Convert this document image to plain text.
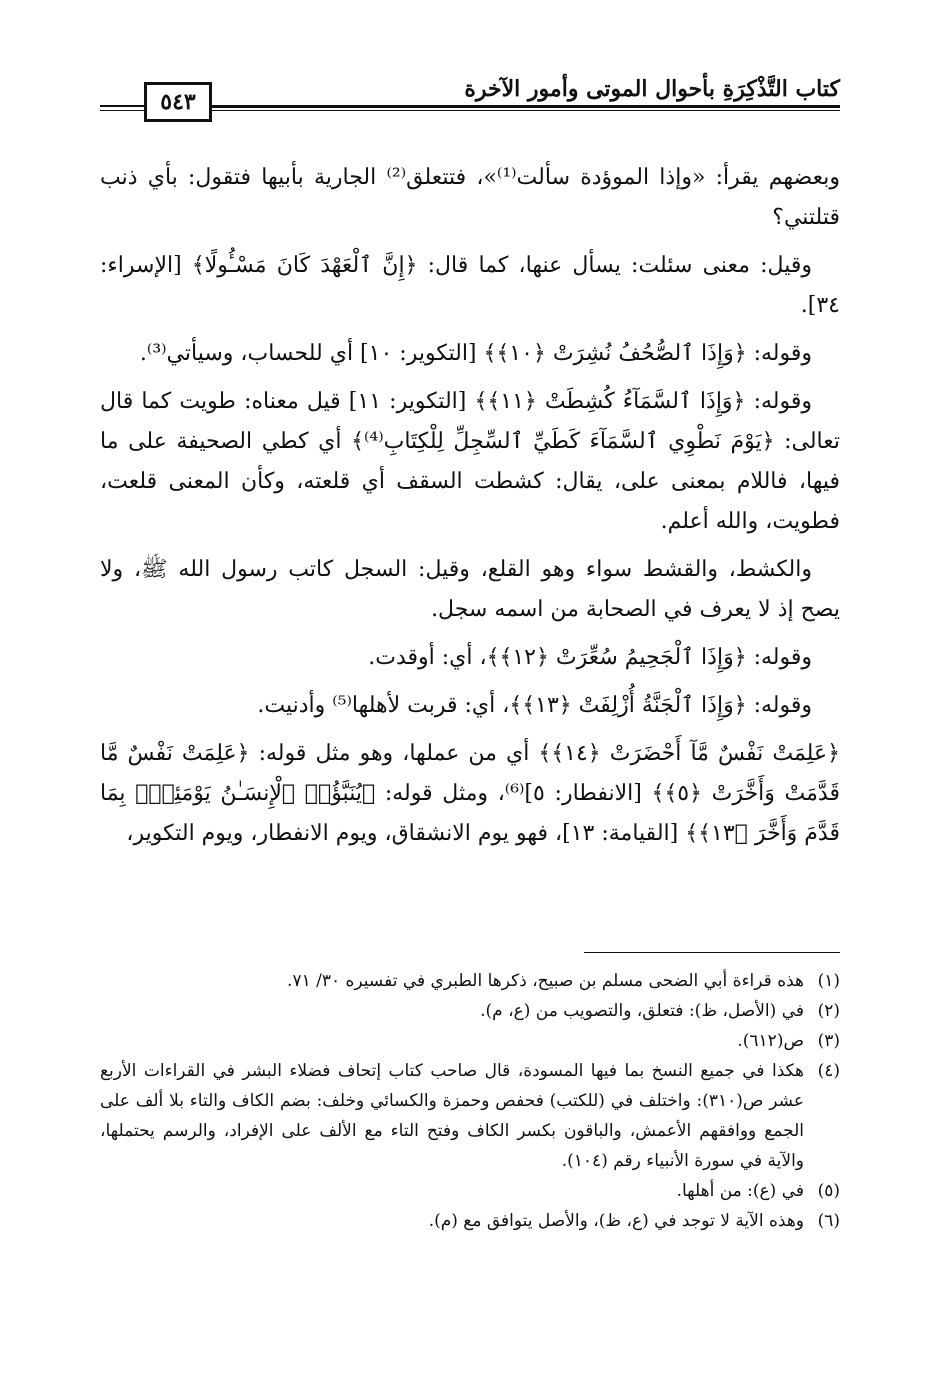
كتاب التَّذْكِرَةِ بأحوال الموتى وأمور الآخرة
٥٤٣

وبعضهم يقرأ: «وإذا الموؤدة سألت⁽¹⁾»، فتتعلق⁽²⁾ الجارية بأبيها فتقول: بأي ذنب قتلتني؟

وقيل: معنى سئلت: يسأل عنها، كما قال: ﴿إِنَّ ٱلْعَهْدَ كَانَ مَسْـُٔولًا﴾ [الإسراء: ٣٤].

وقوله: ﴿وَإِذَا ٱلصُّحُفُ نُشِرَتْ ﴿١٠﴾﴾ [التكوير: ١٠] أي للحساب، وسيأتي⁽³⁾.

وقوله: ﴿وَإِذَا ٱلسَّمَآءُ كُشِطَتْ ﴿١١﴾﴾ [التكوير: ١١] قيل معناه: طويت كما قال تعالى: ﴿يَوْمَ نَطْوِي ٱلسَّمَآءَ كَطَيِّ ٱلسِّجِلِّ لِلْكِتَابِ⁽⁴⁾﴾ أي كطي الصحيفة على ما فيها، فاللام بمعنى على، يقال: كشطت السقف أي قلعته، وكأن المعنى قلعت، فطويت، والله أعلم.

والكشط، والقشط سواء وهو القلع، وقيل: السجل كاتب رسول الله ﷺ، ولا يصح إذ لا يعرف في الصحابة من اسمه سجل.

وقوله: ﴿وَإِذَا ٱلْجَحِيمُ سُعِّرَتْ ﴿١٢﴾﴾، أي: أوقدت.

وقوله: ﴿وَإِذَا ٱلْجَنَّةُ أُزْلِفَتْ ﴿١٣﴾﴾، أي: قربت لأهلها⁽⁵⁾ وأدنيت.

﴿عَلِمَتْ نَفْسٌ مَّآ أَحْضَرَتْ ﴿١٤﴾﴾ أي من عملها، وهو مثل قوله: ﴿عَلِمَتْ نَفْسٌ مَّا قَدَّمَتْ وَأَخَّرَتْ ﴿٥﴾﴾ [الانفطار: ٥]⁽⁶⁾، ومثل قوله: ﴿يُنَبَّؤُا۟ ٱلْإِنسَـٰنُ يَوْمَئِذٍۭ بِمَا قَدَّمَ وَأَخَّرَ ﴿١٣﴾﴾ [القيامة: ١٣]، فهو يوم الانشقاق، ويوم الانفطار، ويوم التكوير،

(١)
هذه قراءة أبي الضحى مسلم بن صبيح، ذكرها الطبري في تفسيره ٣٠/ ٧١.
(٢)
في (الأصل، ظ): فتعلق، والتصويب من (ع، م).
(٣)
ص(٦١٢).
(٤)
هكذا في جميع النسخ بما فيها المسودة، قال صاحب كتاب إتحاف فضلاء البشر في القراءات الأربع عشر ص(٣١٠): واختلف في (للكتب) فحفص وحمزة والكسائي وخلف: بضم الكاف والتاء بلا ألف على الجمع ووافقهم الأعمش، والباقون بكسر الكاف وفتح التاء مع الألف على الإفراد، والرسم يحتملها، والآية في سورة الأنبياء رقم (١٠٤).
(٥)
في (ع): من أهلها.
(٦)
وهذه الآية لا توجد في (ع، ظ)، والأصل يتوافق مع (م).
